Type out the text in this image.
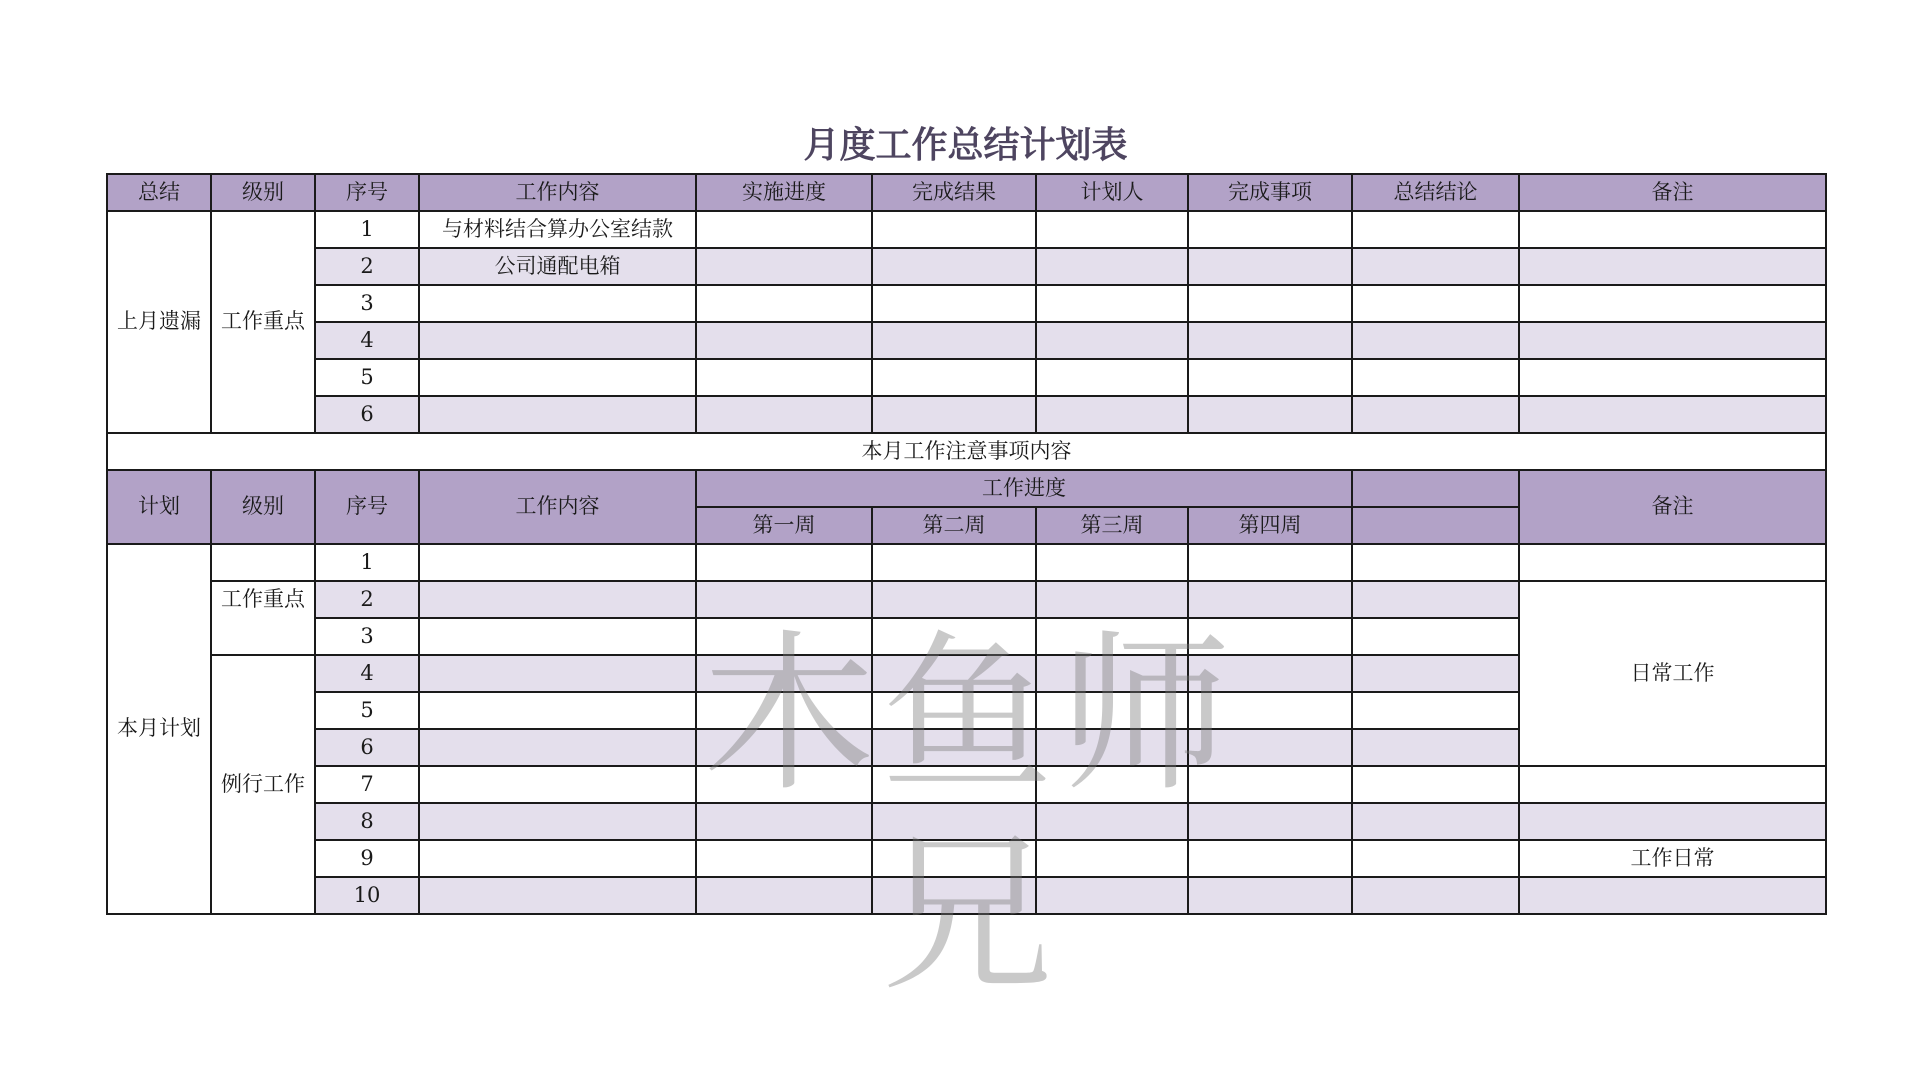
月度工作总结计划表
总结	级别	序号	工作内容	实施进度	完成结果	计划人	完成事项	总结结论	备注
上月遗漏	工作重点	1	与材料结合算办公室结款						
		2	公司通配电箱						
		3							
		4							
		5							
		6							
本月工作注意事项内容									
计划	级别	序号	工作内容	工作进度					备注
				第一周	第二周	第三周	第四周		
本月计划		1							
	工作重点	2							日常工作
		3							
	例行工作	4							
		5							
		6							
		7							
		8							
		9							工作日常
		10							
木鱼师兄
